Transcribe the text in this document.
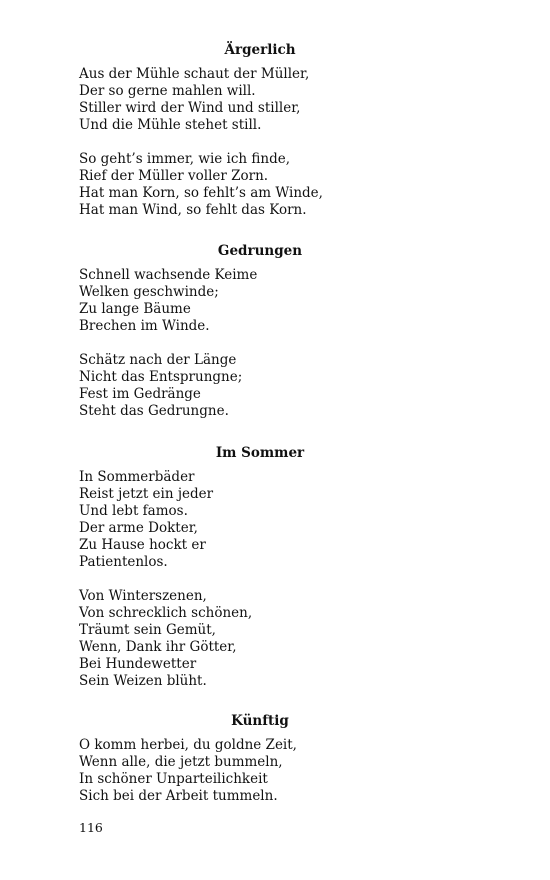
Ärgerlich
Aus der Mühle schaut der Müller,
Der so gerne mahlen will.
Stiller wird der Wind und stiller,
Und die Mühle stehet still.
So geht’s immer, wie ich finde,
Rief der Müller voller Zorn.
Hat man Korn, so fehlt’s am Winde,
Hat man Wind, so fehlt das Korn.
Gedrungen
Schnell wachsende Keime
Welken geschwinde;
Zu lange Bäume
Brechen im Winde.
Schätz nach der Länge
Nicht das Entsprungne;
Fest im Gedränge
Steht das Gedrungne.
Im Sommer
In Sommerbäder
Reist jetzt ein jeder
Und lebt famos.
Der arme Dokter,
Zu Hause hockt er
Patientenlos.
Von Winterszenen,
Von schrecklich schönen,
Träumt sein Gemüt,
Wenn, Dank ihr Götter,
Bei Hundewetter
Sein Weizen blüht.
Künftig
O komm herbei, du goldne Zeit,
Wenn alle, die jetzt bummeln,
In schöner Unparteilichkeit
Sich bei der Arbeit tummeln.
116
